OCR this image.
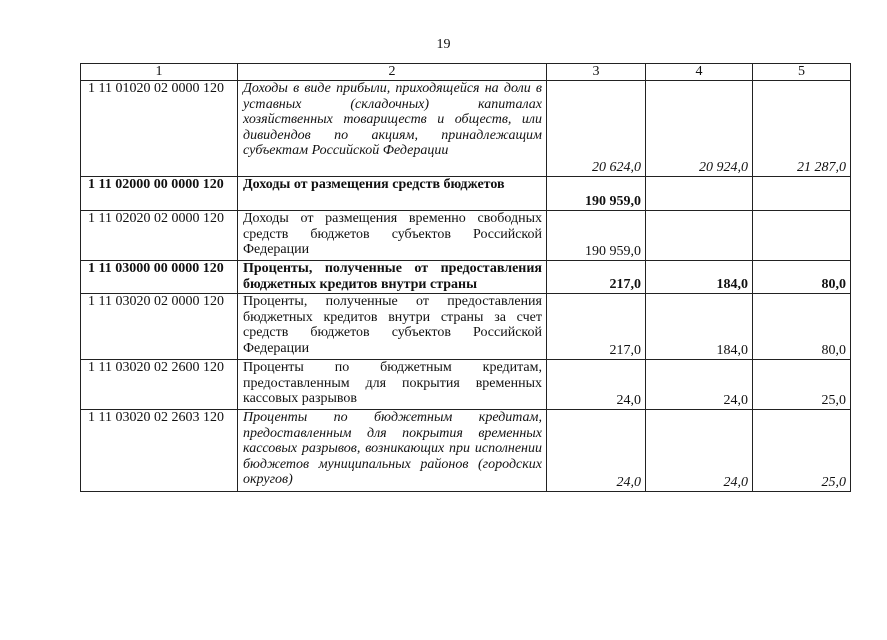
19
1	2	3	4	5
1 11 01020 02 0000 120	Доходы в виде прибыли, приходящейся на доли в уставных (складочных) капиталах хозяйственных товариществ и обществ, или дивидендов по акциям, принадлежащим субъектам Российской Федерации	20 624,0	20 924,0	21 287,0
1 11 02000 00 0000 120	Доходы от размещения средств бюджетов	190 959,0		
1 11 02020 02 0000 120	Доходы от размещения временно свободных средств бюджетов субъектов Российской Федерации	190 959,0		
1 11 03000 00 0000 120	Проценты, полученные от предоставления бюджетных кредитов внутри страны	217,0	184,0	80,0
1 11 03020 02 0000 120	Проценты, полученные от предоставления бюджетных кредитов внутри страны за счет средств бюджетов субъектов Российской Федерации	217,0	184,0	80,0
1 11 03020 02 2600 120	Проценты по бюджетным кредитам, предоставленным для покрытия временных кассовых разрывов	24,0	24,0	25,0
1 11 03020 02 2603 120	Проценты по бюджетным кредитам, предоставленным для покрытия временных кассовых разрывов, возникающих при исполнении бюджетов муниципальных районов (городских округов)	24,0	24,0	25,0
